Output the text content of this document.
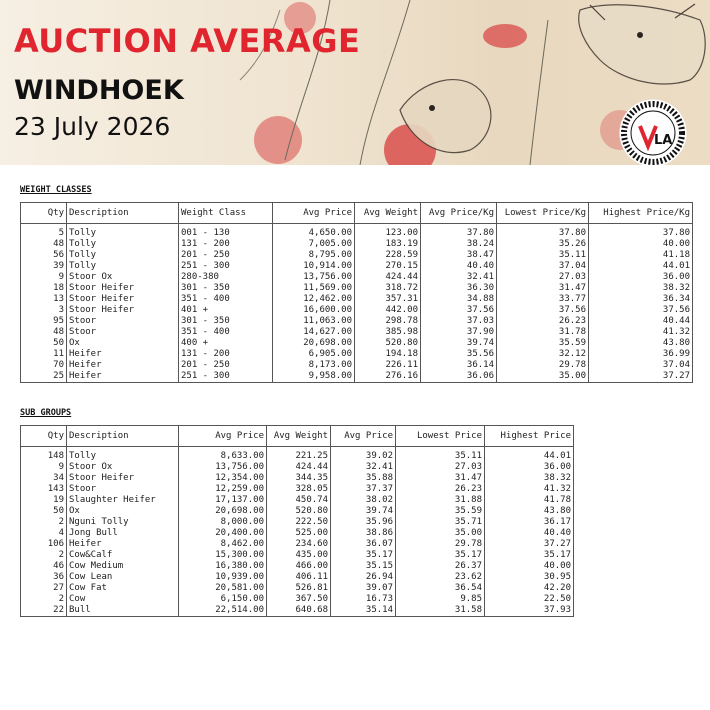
AUCTION AVERAGE
WINDHOEK
23 July 2026	LA
WEIGHT CLASSES
Qty	Description	Weight Class	Avg Price	Avg Weight	Avg Price/Kg	Lowest Price/Kg	Highest Price/Kg

5	Tolly	001 - 130	4,650.00	123.00	37.80	37.80	37.80
48	Tolly	131 - 200	7,005.00	183.19	38.24	35.26	40.00
56	Tolly	201 - 250	8,795.00	228.59	38.47	35.11	41.18
39	Tolly	251 - 300	10,914.00	270.15	40.40	37.04	44.01
9	Stoor Ox	280-380	13,756.00	424.44	32.41	27.03	36.00
18	Stoor Heifer	301 - 350	11,569.00	318.72	36.30	31.47	38.32
13	Stoor Heifer	351 - 400	12,462.00	357.31	34.88	33.77	36.34
3	Stoor Heifer	401 +	16,600.00	442.00	37.56	37.56	37.56
95	Stoor	301 - 350	11,063.00	298.78	37.03	26.23	40.44
48	Stoor	351 - 400	14,627.00	385.98	37.90	31.78	41.32
50	Ox	400 +	20,698.00	520.80	39.74	35.59	43.80
11	Heifer	131 - 200	6,905.00	194.18	35.56	32.12	36.99
70	Heifer	201 - 250	8,173.00	226.11	36.14	29.78	37.04
25	Heifer	251 - 300	9,958.00	276.16	36.06	35.00	37.27
SUB GROUPS
Qty	Description	Avg Price	Avg Weight	Avg Price	Lowest Price	Highest Price

148	Tolly	8,633.00	221.25	39.02	35.11	44.01
9	Stoor Ox	13,756.00	424.44	32.41	27.03	36.00
34	Stoor Heifer	12,354.00	344.35	35.88	31.47	38.32
143	Stoor	12,259.00	328.05	37.37	26.23	41.32
19	Slaughter Heifer	17,137.00	450.74	38.02	31.88	41.78
50	Ox	20,698.00	520.80	39.74	35.59	43.80
2	Nguni Tolly	8,000.00	222.50	35.96	35.71	36.17
4	Jong Bull	20,400.00	525.00	38.86	35.00	40.40
106	Heifer	8,462.00	234.60	36.07	29.78	37.27
2	Cow&Calf	15,300.00	435.00	35.17	35.17	35.17
46	Cow Medium	16,380.00	466.00	35.15	26.37	40.00
36	Cow Lean	10,939.00	406.11	26.94	23.62	30.95
27	Cow Fat	20,581.00	526.81	39.07	36.54	42.20
2	Cow	6,150.00	367.50	16.73	9.85	22.50
22	Bull	22,514.00	640.68	35.14	31.58	37.93
